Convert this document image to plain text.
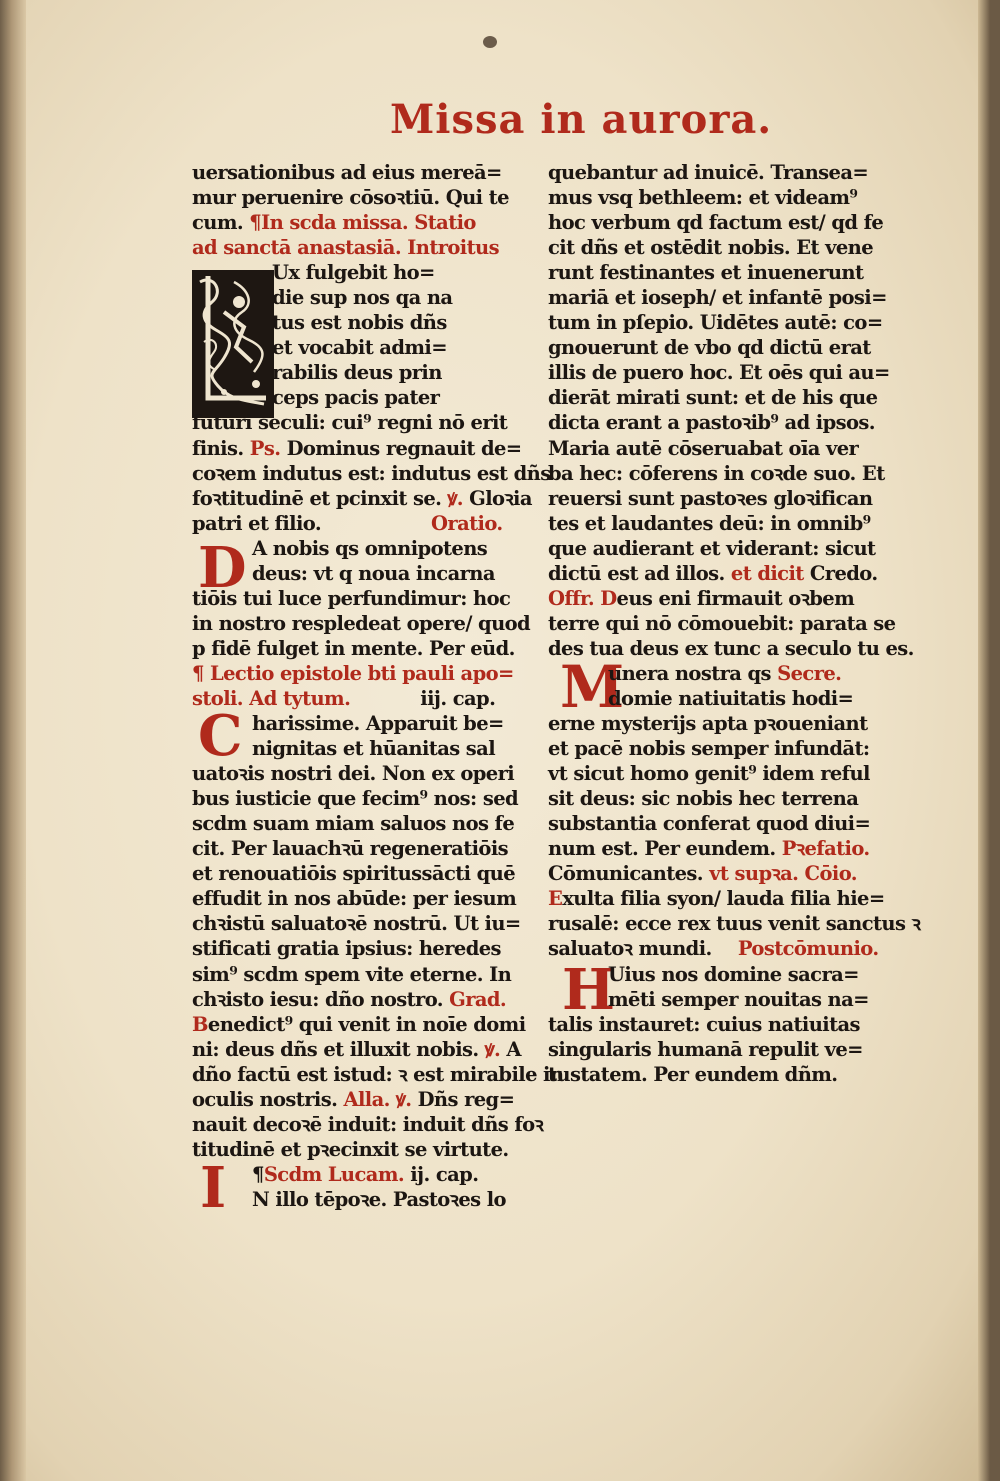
Missa in aurora.
D
C
I
M
H
uersationibus ad eius mereā=
mur peruenire cōsoꝛtiū. Qui te
cum. ¶In scda missa. Statio
ad sanctā anastasiā. Introitus
Ux fulgebit ho=
die sup nos qa na
tus est nobis dñs
et vocabit admi=
rabilis deus prin
ceps pacis pater
futuri seculi: cui⁹ regni nō erit
finis. Ps. Dominus regnauit de=
coꝛem indutus est: indutus est dñs
foꝛtitudinē et pcinxit se. ꝟ. Gloꝛia
patri et filio.	Oratio.
A nobis qs omnipotens
deus: vt q noua incarna
tiōis tui luce perfundimur: hoc
in nostro respledeat opere/ quod
p fidē fulget in mente. Per eūd.
¶ Lectio epistole bti pauli apo=
stoli. Ad tytum.	iij. cap.
harissime. Apparuit be=
nignitas et hūanitas sal
uatoꝛis nostri dei. Non ex operi
bus iusticie que fecim⁹ nos: sed
scdm suam miam saluos nos fe
cit. Per lauachꝛū regeneratiōis
et renouatiōis spiritussācti quē
effudit in nos abūde: per iesum
chꝛistū saluatoꝛē nostrū. Ut iu=
stificati gratia ipsius: heredes
sim⁹ scdm spem vite eterne. In
chꝛisto iesu: dño nostro. Grad.
Benedict⁹ qui venit in noīe domi
ni: deus dñs et illuxit nobis. ꝟ. A
dño factū est istud: ꝛ est mirabile in
oculis nostris. Alla. ꝟ. Dñs reg=
nauit decoꝛē induit: induit dñs foꝛ
titudinē et pꝛecinxit se virtute.
¶Scdm Lucam. ij. cap.
N illo tēpoꝛe. Pastoꝛes lo
quebantur ad inuicē. Transea=
mus vsq bethleem: et videam⁹
hoc verbum qd factum est/ qd fe
cit dñs et ostēdit nobis. Et vene
runt festinantes et inuenerunt
mariā et ioseph/ et infantē posi=
tum in pſepio. Uidētes autē: co=
gnouerunt de vbo qd dictū erat
illis de puero hoc. Et oēs qui au=
dierāt mirati sunt: et de his que
dicta erant a pastoꝛib⁹ ad ipsos.
Maria autē cōseruabat oīa ver
ba hec: cōferens in coꝛde suo. Et
reuersi sunt pastoꝛes gloꝛifican
tes et laudantes deū: in omnib⁹
que audierant et viderant: sicut
dictū est ad illos. et dicit Credo.
Offr. Deus eni firmauit oꝛbem
terre qui nō cōmouebit: parata se
des tua deus ex tunc a seculo tu es.
unera nostra qs Secre.
domie natiuitatis hodi=
erne mysterijs apta pꝛoueniant
et pacē nobis semper infundāt:
vt sicut homo genit⁹ idem reful
sit deus: sic nobis hec terrena
substantia conferat quod diui=
num est. Per eundem. Pꝛefatio.
Cōmunicantes. vt supꝛa. Cōio.
Exulta filia syon/ lauda filia hie=
rusalē: ecce rex tuus venit sanctus ꝛ
saluatoꝛ mundi. Postcōmunio.
Uius nos domine sacra=
mēti semper nouitas na=
talis instauret: cuius natiuitas
singularis humanā repulit ve=
tustatem. Per eundem dñm.
